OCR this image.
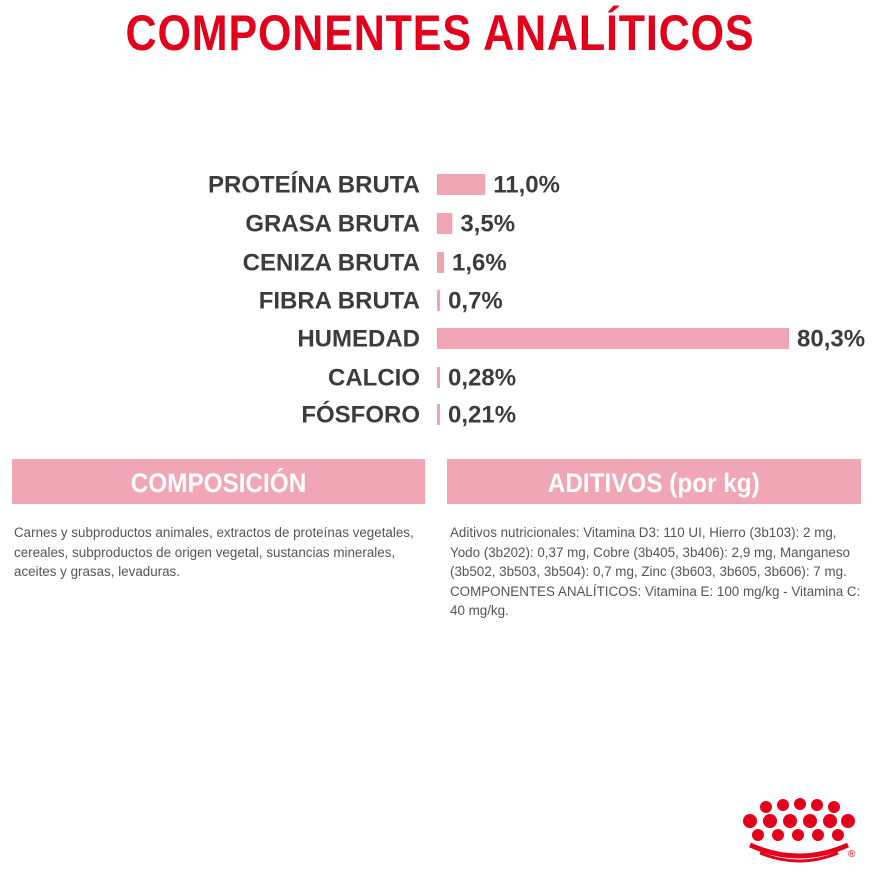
COMPONENTES ANALÍTICOS
PROTEÍNA BRUTA	11,0%
GRASA BRUTA 3,5%
CENIZA BRUTA 1,6%
FIBRA BRUTA 0,7%
HUMEDAD	80,3%
CALCIO 0,28%
FÓSFORO 0,21%
COMPOSICIÓN	ADITIVOS (por kg)
Carnes y subproductos animales, extractos de proteínas vegetales, cereales, subproductos de origen vegetal, sustancias minerales, aceites y grasas, levaduras.
Aditivos nutricionales: Vitamina D3: 110 UI, Hierro (3b103): 2 mg, Yodo (3b202): 0,37 mg, Cobre (3b405, 3b406): 2,9 mg, Manganeso (3b502, 3b503, 3b504): 0,7 mg, Zinc (3b603, 3b605, 3b606): 7 mg. COMPONENTES ANALÍTICOS: Vitamina E: 100 mg/kg - Vitamina C: 40 mg/kg.
®
